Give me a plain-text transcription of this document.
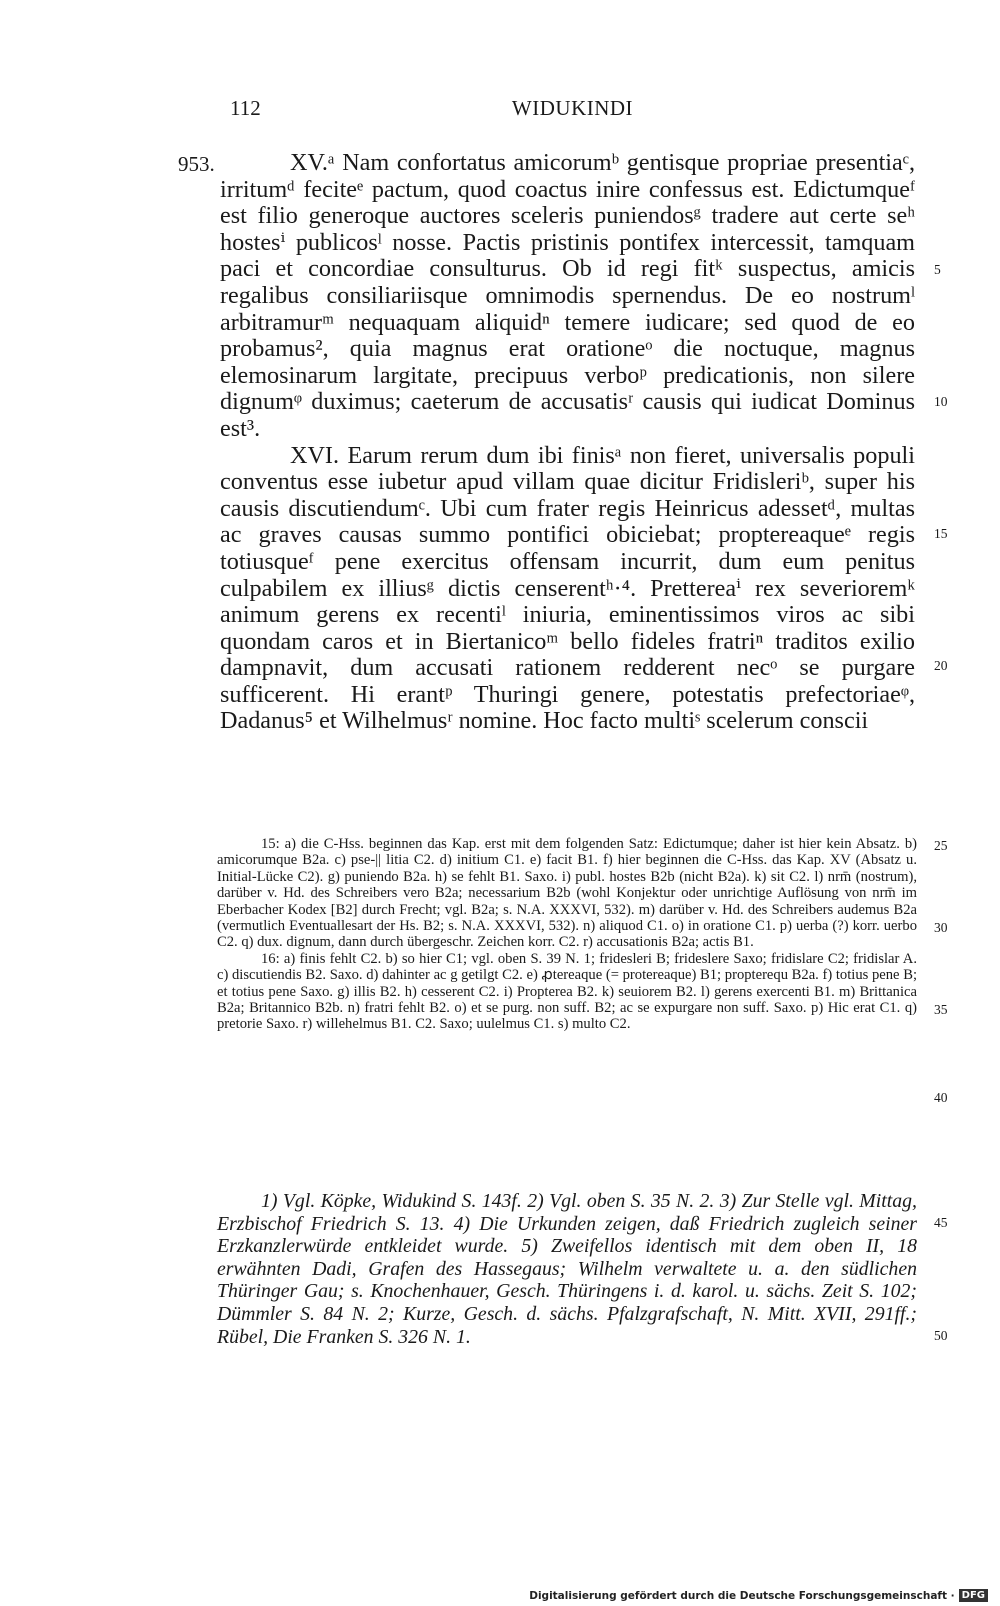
112	WIDUKINDI
953.	XV.ᵃ Nam confortatus amicorumᵇ gentisque propriae presentiaᶜ, irritumᵈ feciteᵉ pactum, quod coactus inire confessus est. Edictumqueᶠ est filio generoque auctores sceleris puniendosᵍ tradere aut certe seʰ hostesⁱ publicosˡ nosse. Pactis pristinis pontifex intercessit, tamquam paci et concordiae consulturus. Ob id regi fitᵏ suspectus, amicis regalibus consiliariisque omnimodis spernendus. De eo nostrumˡ arbitramurᵐ nequaquam aliquidⁿ temere iudicare; sed quod de eo probamus², quia magnus erat orationeᵒ die noctuque, magnus elemosinarum largitate, precipuus verboᵖ predicationis, non silere dignumᵠ duximus; caeterum de accusatisʳ causis qui iudicat Dominus est³.

XVI. Earum rerum dum ibi finisᵃ non fieret, universalis populi conventus esse iubetur apud villam quae dicitur Fridisleriᵇ, super his causis discutiendumᶜ. Ubi cum frater regis Heinricus adessetᵈ, multas ac graves causas summo pontifici obiciebat; proptereaqueᵉ regis totiusqueᶠ pene exercitus offensam incurrit, dum eum penitus culpabilem ex illiusᵍ dictis censerentʰ·⁴. Prettereaⁱ rex severioremᵏ animum gerens ex recentiˡ iniuria, eminentissimos viros ac sibi quondam caros et in Biertanicoᵐ bello fideles fratriⁿ traditos exilio dampnavit, dum accusati rationem redderent necᵒ se purgare sufficerent. Hi erantᵖ Thuringi genere, potestatis prefectoriaeᵠ, Dadanus⁵ et Wilhelmusʳ nomine. Hoc facto multiˢ scelerum conscii

5
10
15
20
25
30
35
40
45
50

15: a) die C-Hss. beginnen das Kap. erst mit dem folgenden Satz: Edictumque; daher ist hier kein Absatz. b) amicorumque B2a. c) pse-|| litia C2. d) initium C1. e) facit B1. f) hier beginnen die C-Hss. das Kap. XV (Absatz u. Initial-Lücke C2). g) puniendo B2a. h) se fehlt B1. Saxo. i) publ. hostes B2b (nicht B2a). k) sit C2. l) nrm̄ (nostrum), darüber v. Hd. des Schreibers vero B2a; necessarium B2b (wohl Konjektur oder unrichtige Auflösung von nrm̄ im Eberbacher Kodex [B2] durch Frecht; vgl. B2a; s. N.A. XXXVI, 532). m) darüber v. Hd. des Schreibers audemus B2a (vermutlich Eventuallesart der Hs. B2; s. N.A. XXXVI, 532). n) aliquod C1. o) in oratione C1. p) uerba (?) korr. uerbo C2. q) dux. dignum, dann durch übergeschr. Zeichen korr. C2. r) accusationis B2a; actis B1.

16: a) finis fehlt C2. b) so hier C1; vgl. oben S. 39 N. 1; fridesleri B; frideslere Saxo; fridislare C2; fridislar A. c) discutiendis B2. Saxo. d) dahinter ac g getilgt C2. e) ꝓtereaque (= protereaque) B1; propterequ B2a. f) totius pene B; et totius pene Saxo. g) illis B2. h) cesserent C2. i) Propterea B2. k) seuiorem B2. l) gerens exercenti B1. m) Brittanica B2a; Britannico B2b. n) fratri fehlt B2. o) et se purg. non suff. B2; ac se expurgare non suff. Saxo. p) Hic erat C1. q) pretorie Saxo. r) willehelmus B1. C2. Saxo; uulelmus C1. s) multo C2.

1) Vgl. Köpke, Widukind S. 143f. 2) Vgl. oben S. 35 N. 2. 3) Zur Stelle vgl. Mittag, Erzbischof Friedrich S. 13. 4) Die Urkunden zeigen, daß Friedrich zugleich seiner Erzkanzlerwürde entkleidet wurde. 5) Zweifellos identisch mit dem oben II, 18 erwähnten Dadi, Grafen des Hassegaus; Wilhelm verwaltete u. a. den südlichen Thüringer Gau; s. Knochenhauer, Gesch. Thüringens i. d. karol. u. sächs. Zeit S. 102; Dümmler S. 84 N. 2; Kurze, Gesch. d. sächs. Pfalzgrafschaft, N. Mitt. XVII, 291ff.; Rübel, Die Franken S. 326 N. 1.

Digitalisierung gefördert durch die Deutsche Forschungsgemeinschaft · DFG
